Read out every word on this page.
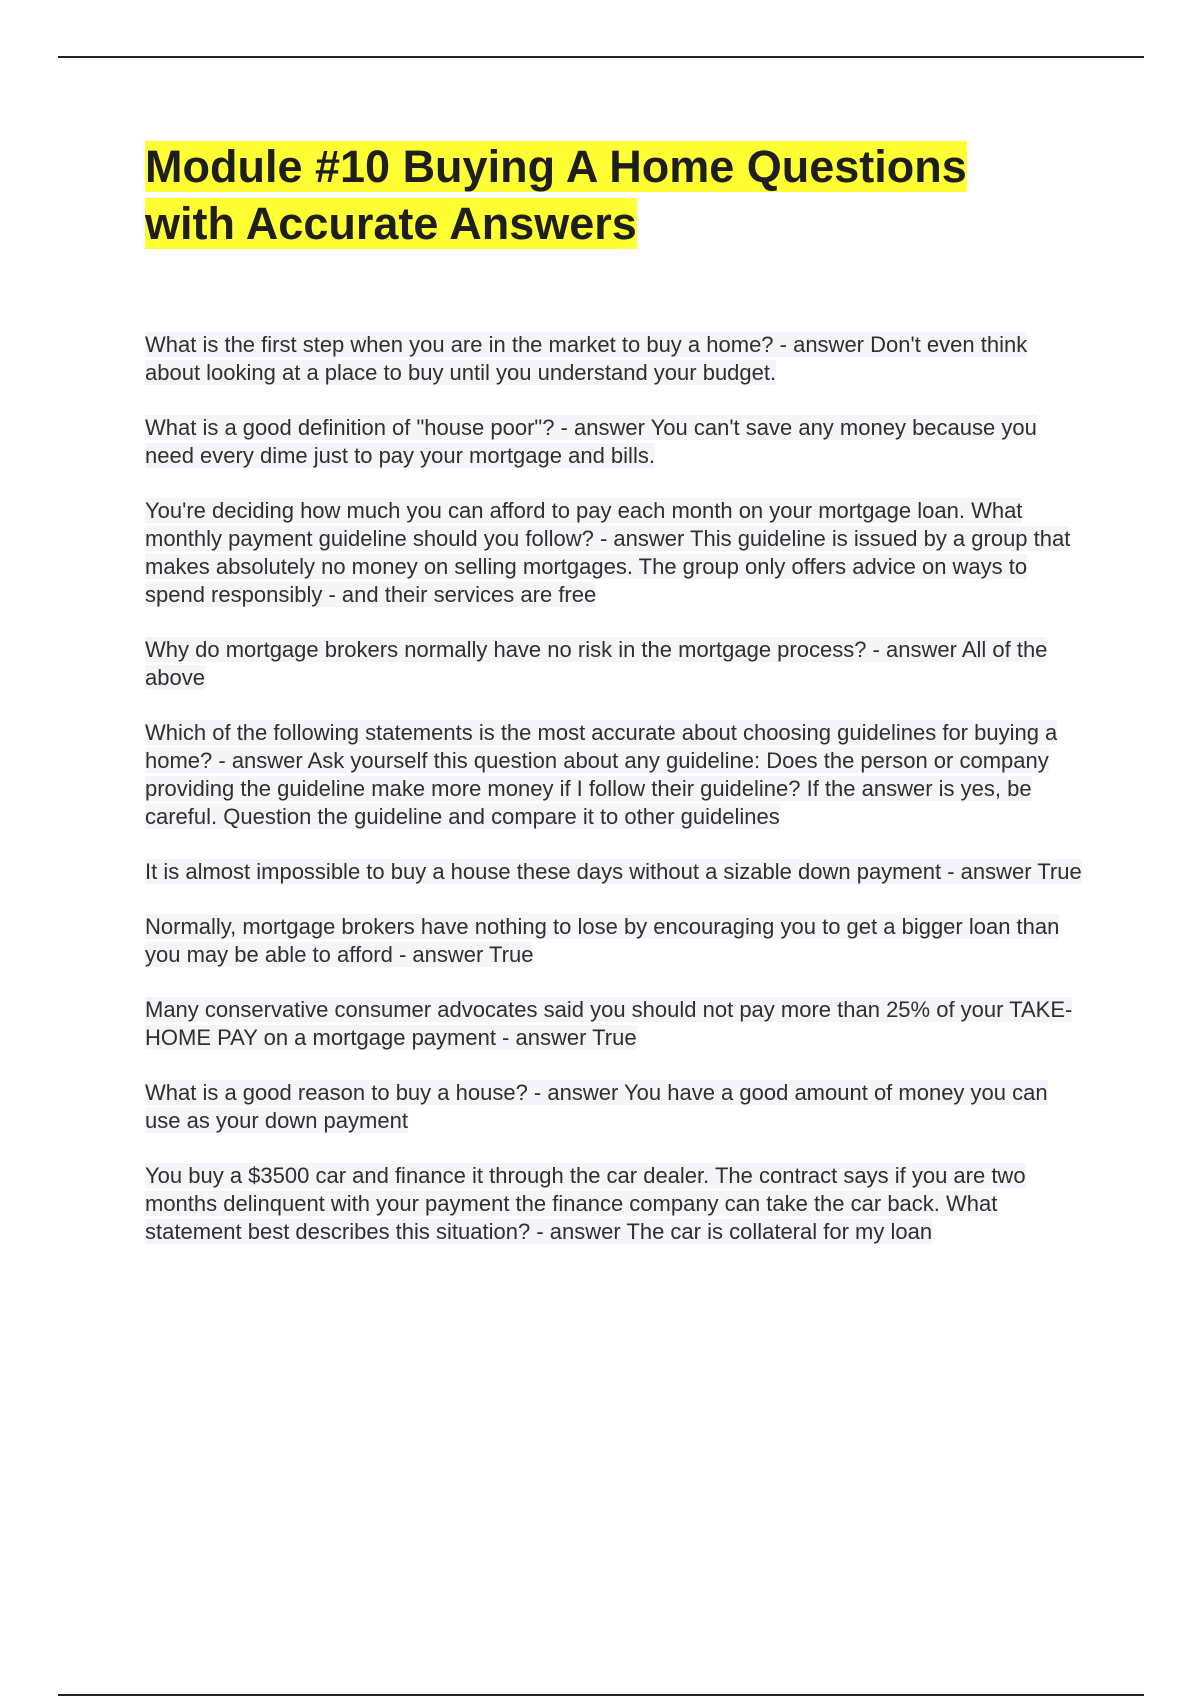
Module #10 Buying A Home Questions with Accurate Answers

What is the first step when you are in the market to buy a home? - answer Don't even think about looking at a place to buy until you understand your budget.

What is a good definition of "house poor"? - answer You can't save any money because you need every dime just to pay your mortgage and bills.

You're deciding how much you can afford to pay each month on your mortgage loan. What monthly payment guideline should you follow? - answer This guideline is issued by a group that makes absolutely no money on selling mortgages. The group only offers advice on ways to spend responsibly - and their services are free

Why do mortgage brokers normally have no risk in the mortgage process? - answer All of the above

Which of the following statements is the most accurate about choosing guidelines for buying a home? - answer Ask yourself this question about any guideline: Does the person or company providing the guideline make more money if I follow their guideline? If the answer is yes, be careful. Question the guideline and compare it to other guidelines

It is almost impossible to buy a house these days without a sizable down payment - answer True

Normally, mortgage brokers have nothing to lose by encouraging you to get a bigger loan than you may be able to afford - answer True

Many conservative consumer advocates said you should not pay more than 25% of your TAKE-HOME PAY on a mortgage payment - answer True

What is a good reason to buy a house? - answer You have a good amount of money you can use as your down payment

You buy a $3500 car and finance it through the car dealer. The contract says if you are two months delinquent with your payment the finance company can take the car back. What statement best describes this situation? - answer The car is collateral for my loan
